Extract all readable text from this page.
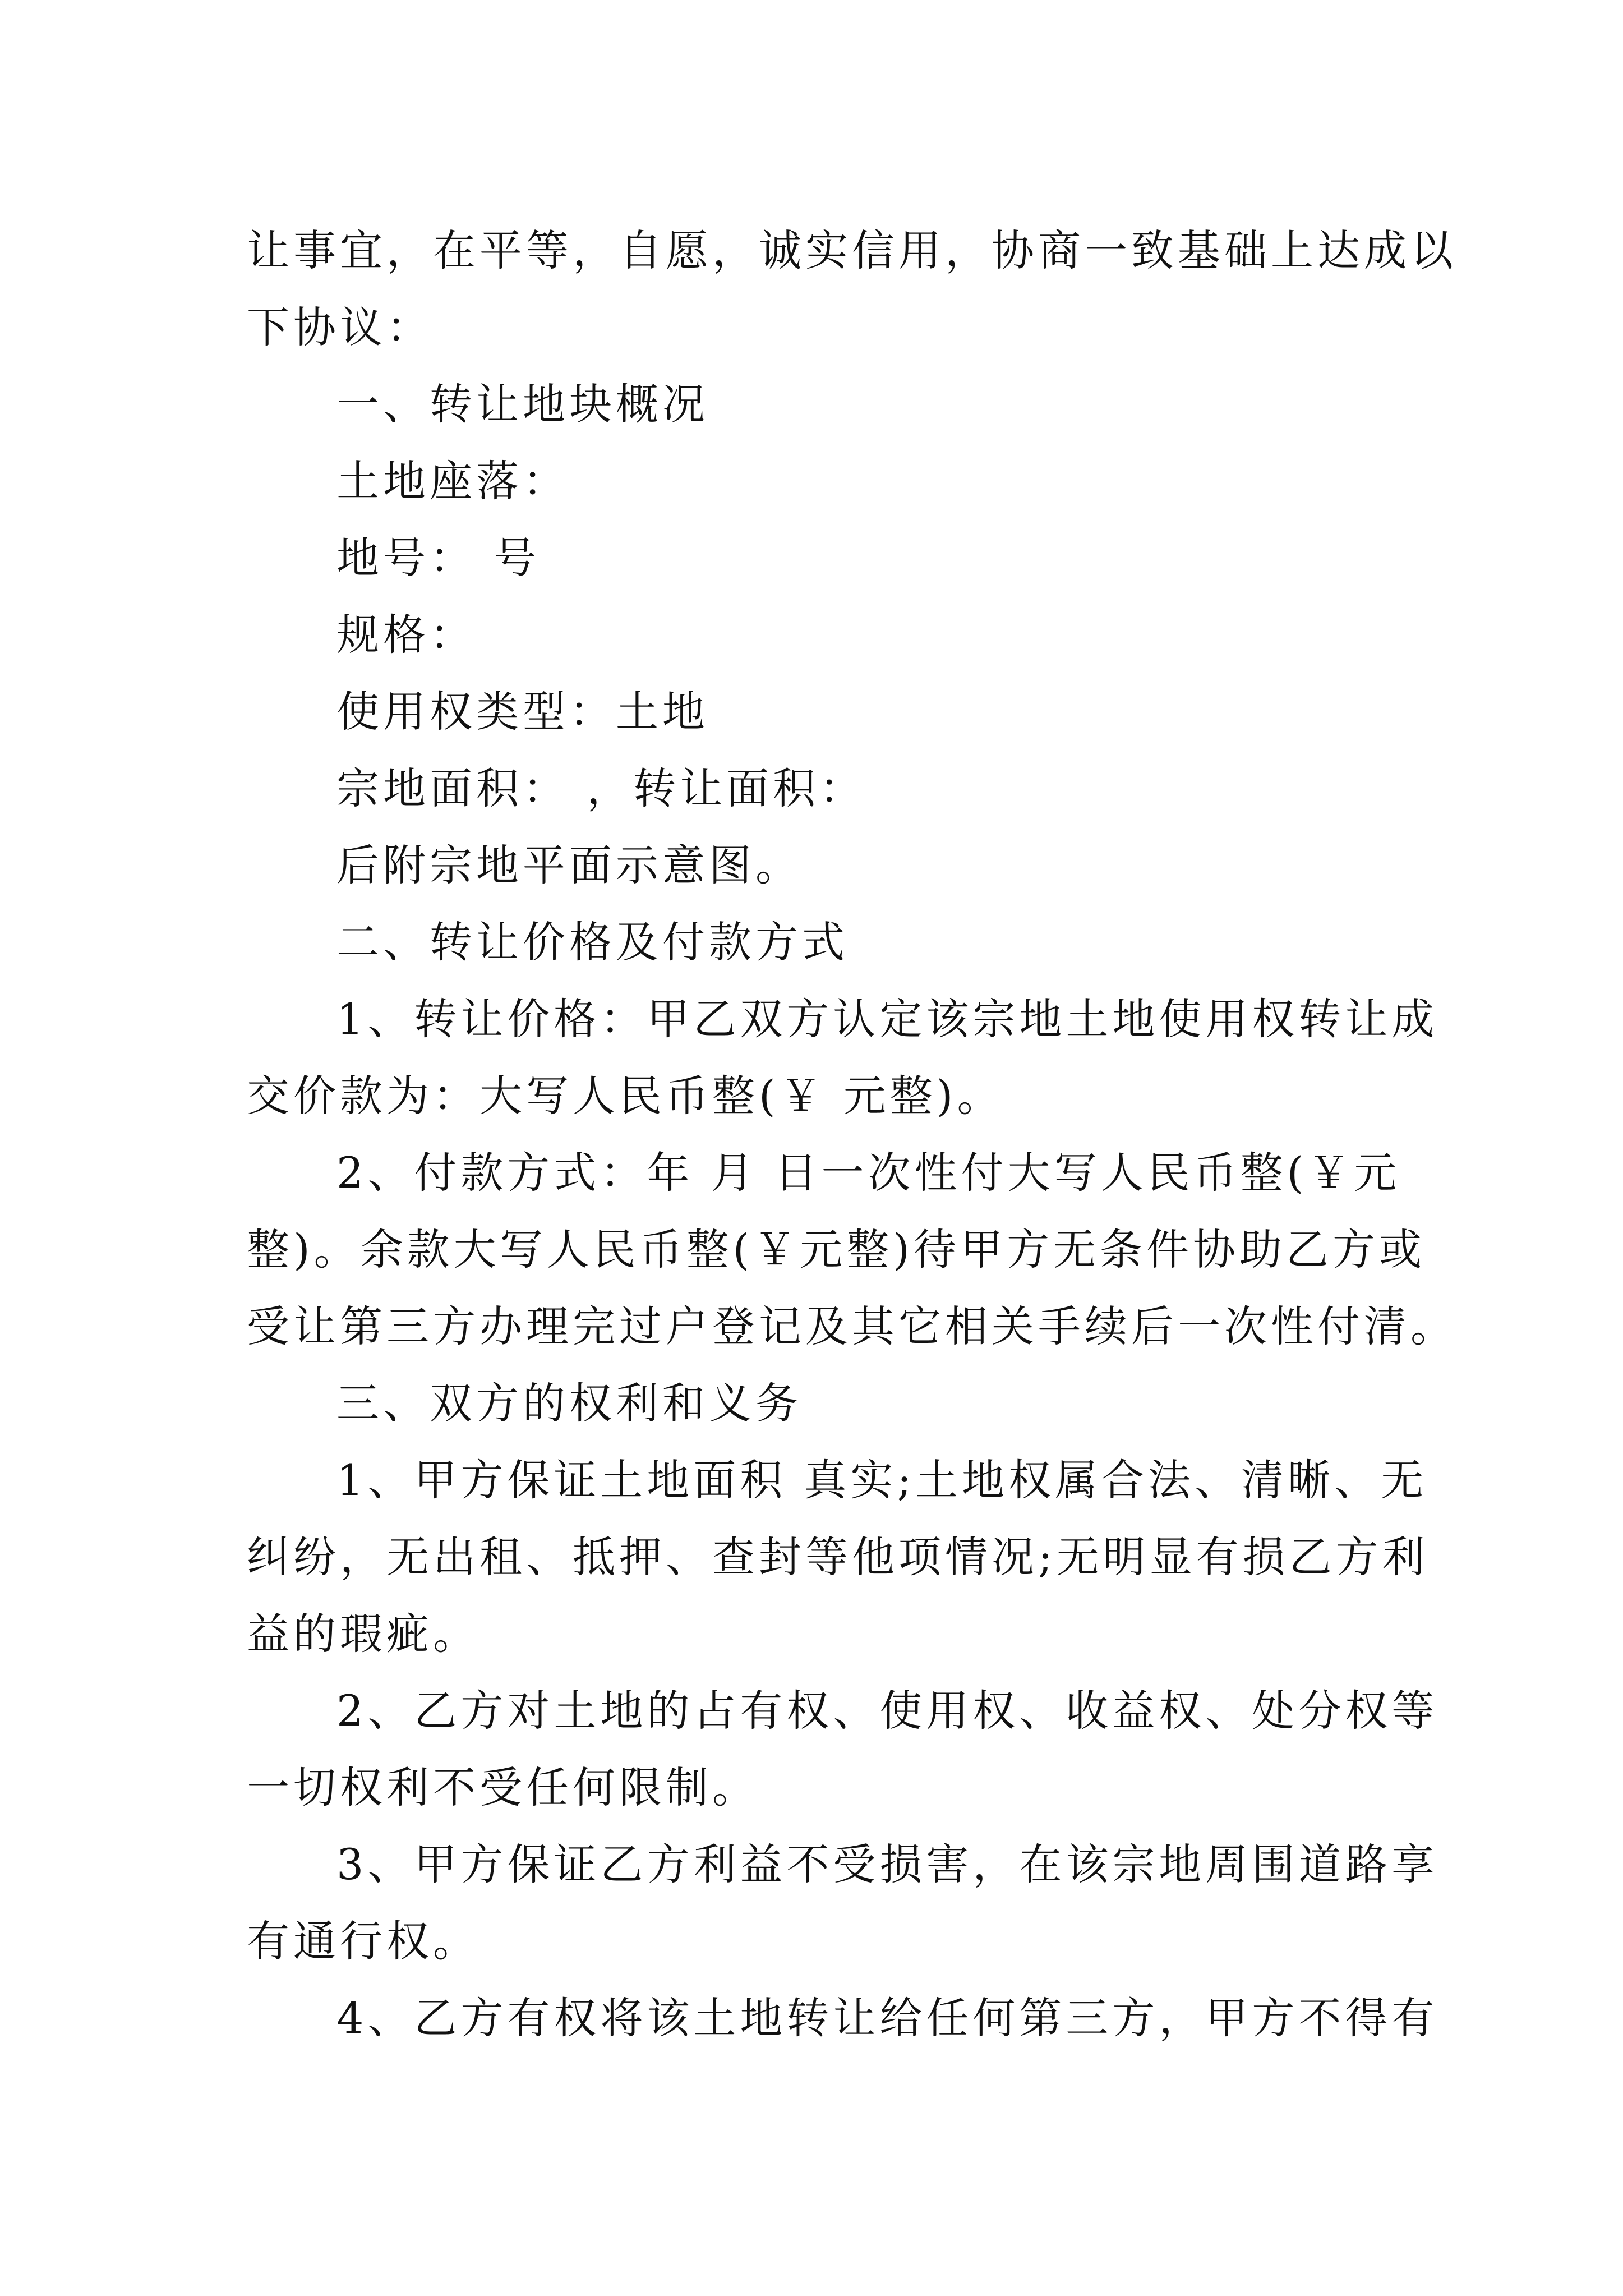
让事宜，在平等，自愿，诚实信用，协商一致基础上达成以
下协议：
一、转让地块概况
土地座落：
地号： 号
规格：
使用权类型：土地
宗地面积： ，转让面积：
后附宗地平面示意图。
二、转让价格及付款方式
1、转让价格：甲乙双方认定该宗地土地使用权转让成
交价款为：大写人民币整(￥ 元整)。
2、付款方式：年 月 日一次性付大写人民币整(￥元
整)。余款大写人民币整(￥元整)待甲方无条件协助乙方或
受让第三方办理完过户登记及其它相关手续后一次性付清。
三、双方的权利和义务
1、甲方保证土地面积 真实;土地权属合法、清晰、无
纠纷，无出租、抵押、查封等他项情况;无明显有损乙方利
益的瑕疵。
2、乙方对土地的占有权、使用权、收益权、处分权等
一切权利不受任何限制。
3、甲方保证乙方利益不受损害，在该宗地周围道路享
有通行权。
4、乙方有权将该土地转让给任何第三方，甲方不得有
